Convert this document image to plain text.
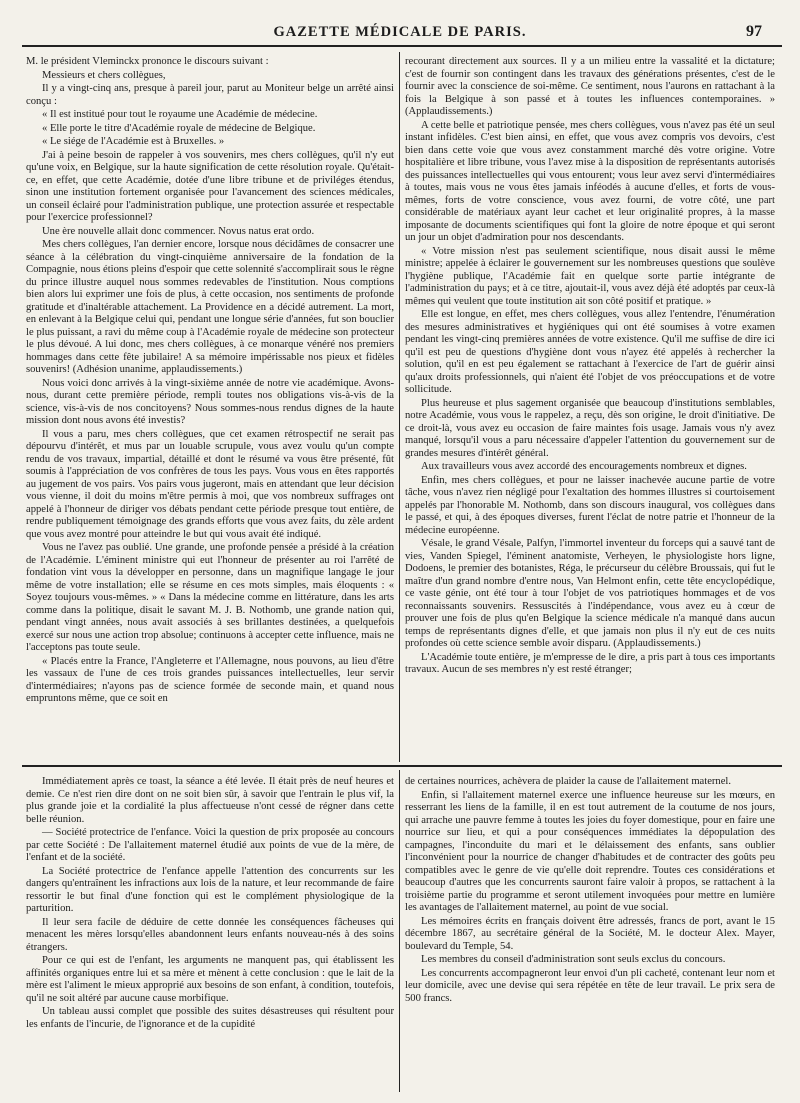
GAZETTE MÉDICALE DE PARIS.	97

M. le président Vleminckx prononce le discours suivant :

Messieurs et chers collègues,

Il y a vingt-cinq ans, presque à pareil jour, parut au Moniteur belge un arrêté ainsi conçu :

« Il est institué pour tout le royaume une Académie de médecine.

« Elle porte le titre d'Académie royale de médecine de Belgique.

« Le siége de l'Académie est à Bruxelles. »

J'ai à peine besoin de rappeler à vos souvenirs, mes chers collègues, qu'il n'y eut qu'une voix, en Belgique, sur la haute signification de cette résolution royale. Qu'était-ce, en effet, que cette Académie, dotée d'une libre tribune et de priviléges étendus, sinon une institution fortement organisée pour l'avancement des sciences médicales, un conseil éclairé pour l'administration publique, une protection assurée et respectable pour l'exercice professionnel?

Une ère nouvelle allait donc commencer. Novus natus erat ordo.

Mes chers collègues, l'an dernier encore, lorsque nous décidâmes de consacrer une séance à la célébration du vingt-cinquième anniversaire de la fondation de la Compagnie, nous étions pleins d'espoir que cette solennité s'accomplirait sous le règne du prince illustre auquel nous sommes redevables de l'institution. Nous comptions bien alors lui exprimer une fois de plus, à cette occasion, nos sentiments de profonde gratitude et d'inaltérable attachement. La Providence en a décidé autrement. La mort, en enlevant à la Belgique celui qui, pendant une longue série d'années, fut son bouclier le plus puissant, a ravi du même coup à l'Académie royale de médecine son protecteur le plus dévoué. A lui donc, mes chers collègues, à ce monarque vénéré nos premiers hommages dans cette fête jubilaire! A sa mémoire impérissable nos pieux et fidèles souvenirs! (Adhésion unanime, applaudissements.)

Nous voici donc arrivés à la vingt-sixième année de notre vie académique. Avons-nous, durant cette première période, rempli toutes nos obligations vis-à-vis de la science, vis-à-vis de nos concitoyens? Nous sommes-nous rendus dignes de la haute mission dont nous avons été investis?

Il vous a paru, mes chers collègues, que cet examen rétrospectif ne serait pas dépourvu d'intérêt, et mus par un louable scrupule, vous avez voulu qu'un compte rendu de vos travaux, impartial, détaillé et dont le résumé va vous être présenté, fût soumis à l'appréciation de vos confrères de tous les pays. Vous vous en êtes rapportés au jugement de vos pairs. Vos pairs vous jugeront, mais en attendant que leur décision vous vienne, il doit du moins m'être permis à moi, que vos nombreux suffrages ont appelé à l'honneur de diriger vos débats pendant cette période presque tout entière, de rendre publiquement témoignage des grands efforts que vous avez faits, du zèle ardent que vous avez montré pour atteindre le but qui vous avait été indiqué.

Vous ne l'avez pas oublié. Une grande, une profonde pensée a présidé à la création de l'Académie. L'éminent ministre qui eut l'honneur de présenter au roi l'arrêté de fondation vint vous la développer en personne, dans un magnifique langage le jour même de votre installation; elle se résume en ces mots simples, mais éloquents : « Soyez toujours vous-mêmes. » « Dans la médecine comme en littérature, dans les arts comme dans la politique, disait le savant M. J. B. Nothomb, une grande nation qui, pendant vingt années, nous avait associés à ses brillantes destinées, a quelquefois exercé sur nous une action trop absolue; continuons à accepter cette influence, mais ne l'acceptons pas toute seule.

« Placés entre la France, l'Angleterre et l'Allemagne, nous pouvons, au lieu d'être les vassaux de l'une de ces trois grandes puissances intellectuelles, leur servir d'intermédiaires; n'ayons pas de science formée de seconde main, et quand nous empruntons même, que ce soit en

recourant directement aux sources. Il y a un milieu entre la vassalité et la dictature; c'est de fournir son contingent dans les travaux des générations présentes, c'est de le fournir avec la conscience de soi-même. Ce sentiment, nous l'aurons en rattachant à la fois la Belgique à son passé et à toutes les influences contemporaines. » (Applaudissements.)

A cette belle et patriotique pensée, mes chers collègues, vous n'avez pas été un seul instant infidèles. C'est bien ainsi, en effet, que vous avez compris vos devoirs, c'est bien dans cette voie que vous avez constamment marché dès votre origine. Votre hospitalière et libre tribune, vous l'avez mise à la disposition de représentants autorisés des puissances intellectuelles qui vous entourent; vous leur avez servi d'intermédiaires à toutes, mais vous ne vous êtes jamais inféodés à aucune d'elles, et forts de vous-mêmes, forts de votre conscience, vous avez fourni, de votre côté, une part considérable de matériaux ayant leur cachet et leur originalité propres, à la masse imposante de documents scientifiques qui font la gloire de notre époque et qui seront un jour un objet d'admiration pour nos descendants.

« Votre mission n'est pas seulement scientifique, nous disait aussi le même ministre; appelée à éclairer le gouvernement sur les nombreuses questions que soulève l'hygiène publique, l'Académie fait en quelque sorte partie intégrante de l'administration du pays; et à ce titre, ajoutait-il, vous avez déjà été adoptés par ceux-là mêmes qui veulent que toute institution ait son côté positif et pratique. »

Elle est longue, en effet, mes chers collègues, vous allez l'entendre, l'énumération des mesures administratives et hygiéniques qui ont été soumises à votre examen pendant les vingt-cinq premières années de votre existence. Qu'il me suffise de dire ici qu'il est peu de questions d'hygiène dont vous n'ayez été appelés à rechercher la solution, qu'il en est peu également se rattachant à l'exercice de l'art de guérir ainsi qu'aux droits professionnels, qui n'aient été l'objet de vos préoccupations et de votre sollicitude.

Plus heureuse et plus sagement organisée que beaucoup d'institutions semblables, notre Académie, vous vous le rappelez, a reçu, dès son origine, le droit d'initiative. De ce droit-là, vous avez eu occasion de faire maintes fois usage. Jamais vous n'y avez manqué, lorsqu'il vous a paru nécessaire d'appeler l'attention du gouvernement sur de grandes mesures d'intérêt général.

Aux travailleurs vous avez accordé des encouragements nombreux et dignes.

Enfin, mes chers collègues, et pour ne laisser inachevée aucune partie de votre tâche, vous n'avez rien négligé pour l'exaltation des hommes illustres si courtoisement appelés par l'honorable M. Nothomb, dans son discours inaugural, vos collègues dans le passé, et qui, à des époques diverses, furent l'éclat de notre patrie et l'honneur de la médecine européenne.

Vésale, le grand Vésale, Palfyn, l'immortel inventeur du forceps qui a sauvé tant de vies, Vanden Spiegel, l'éminent anatomiste, Verheyen, le physiologiste hors ligne, Dodoens, le premier des botanistes, Réga, le précurseur du célèbre Broussais, qui fut le maître d'un grand nombre d'entre nous, Van Helmont enfin, cette tête encyclopédique, ce vaste génie, ont été tour à tour l'objet de vos patriotiques hommages et de vos reconnaissants souvenirs. Ressuscités à l'indépendance, vous avez eu à cœur de prouver une fois de plus qu'en Belgique la science médicale n'a manqué dans aucun temps de représentants dignes d'elle, et que jamais non plus il n'y eut de ces nuits profondes où cette science semble avoir disparu. (Applaudissements.)

L'Académie toute entière, je m'empresse de le dire, a pris part à tous ces importants travaux. Aucun de ses membres n'y est resté étranger;

Immédiatement après ce toast, la séance a été levée. Il était près de neuf heures et demie. Ce n'est rien dire dont on ne soit bien sûr, à savoir que l'entrain le plus vif, la plus grande joie et la cordialité la plus affectueuse n'ont cessé de régner dans cette belle réunion.

— Société protectrice de l'enfance. Voici la question de prix proposée au concours par cette Société : De l'allaitement maternel étudié aux points de vue de la mère, de l'enfant et de la société.

La Société protectrice de l'enfance appelle l'attention des concurrents sur les dangers qu'entraînent les infractions aux lois de la nature, et leur recommande de faire ressortir le but final d'une fonction qui est le complément physiologique de la parturition.

Il leur sera facile de déduire de cette donnée les conséquences fâcheuses qui menacent les mères lorsqu'elles abandonnent leurs enfants nouveau-nés à des soins étrangers.

Pour ce qui est de l'enfant, les arguments ne manquent pas, qui établissent les affinités organiques entre lui et sa mère et mènent à cette conclusion : que le lait de la mère est l'aliment le mieux approprié aux besoins de son enfant, à condition, toutefois, qu'il ne soit altéré par aucune cause morbifique.

Un tableau aussi complet que possible des suites désastreuses qui résultent pour les enfants de l'incurie, de l'ignorance et de la cupidité

de certaines nourrices, achèvera de plaider la cause de l'allaitement maternel.

Enfin, si l'allaitement maternel exerce une influence heureuse sur les mœurs, en resserrant les liens de la famille, il en est tout autrement de la coutume de nos jours, qui arrache une pauvre femme à toutes les joies du foyer domestique, pour en faire une nourrice sur lieu, et qui a pour conséquences immédiates la dépopulation des campagnes, l'inconduite du mari et le délaissement des enfants, sans oublier l'inconvénient pour la nourrice de changer d'habitudes et de contracter des goûts peu compatibles avec le genre de vie qu'elle doit reprendre. Toutes ces considérations et beaucoup d'autres que les concurrents sauront faire valoir à propos, se rattachent à la troisième partie du programme et seront utilement invoquées pour mettre en lumière les avantages de l'allaitement maternel, au point de vue social.

Les mémoires écrits en français doivent être adressés, francs de port, avant le 15 décembre 1867, au secrétaire général de la Société, M. le docteur Alex. Mayer, boulevard du Temple, 54.

Les membres du conseil d'administration sont seuls exclus du concours.

Les concurrents accompagneront leur envoi d'un pli cacheté, contenant leur nom et leur domicile, avec une devise qui sera répétée en tête de leur travail. Le prix sera de 500 francs.
